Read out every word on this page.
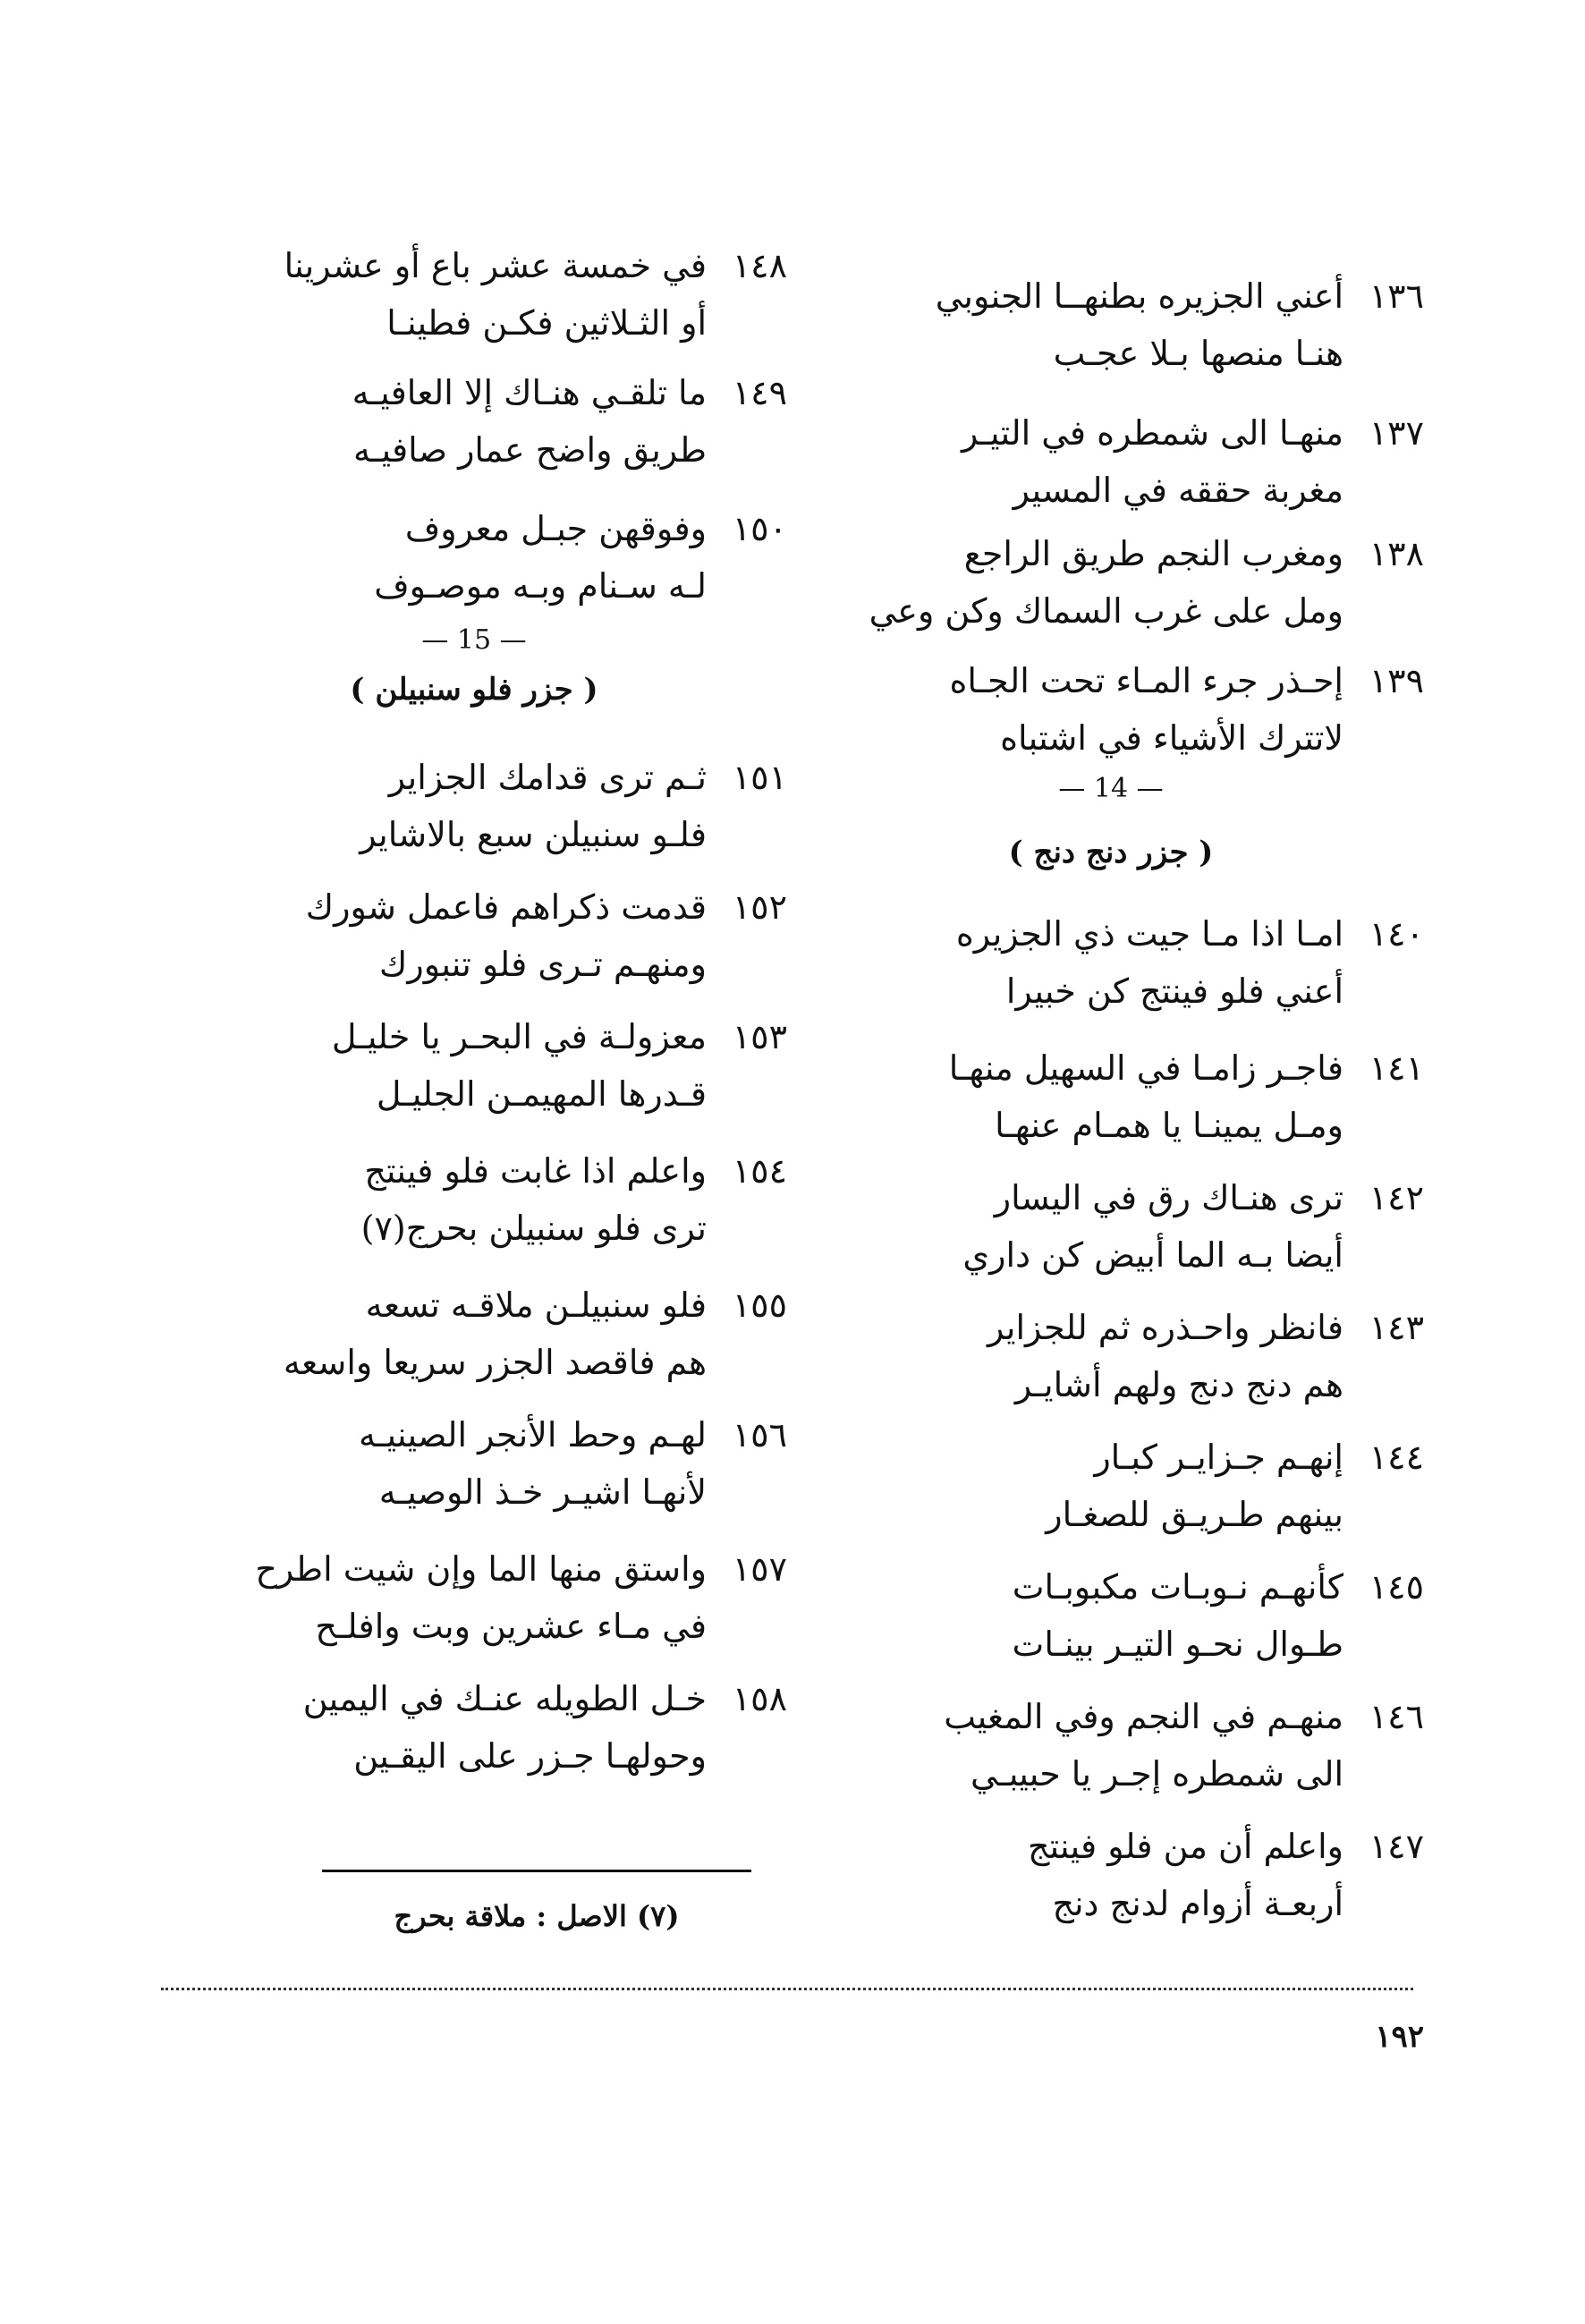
١٣٦
أعني الجزيره بطنهــا الجنوبي
هنـا منصها بـلا عجـب
١٣٧
منهـا الى شمطره في التيـر
مغربة حققه في المسير
١٣٨
ومغرب النجم طريق الراجع
ومل على غرب السماك وكن وعي
١٣٩
إحـذر جرء المـاء تحت الجـاه
لاتترك الأشياء في اشتباه
— 14 —
( جزر دنج دنج )
١٤٠
امـا اذا مـا جيت ذي الجزيره
أعني فلو فينتج كن خبيرا
١٤١
فاجـر زامـا في السهيل منهـا
ومـل يمينـا يا همـام عنهـا
١٤٢
ترى هنـاك رق في اليسار
أيضا بـه الما أبيض كن داري
١٤٣
فانظر واحـذره ثم للجزاير
هم دنج دنج ولهم أشايـر
١٤٤
إنهـم جـزايـر كبـار
بينهم طـريـق للصغـار
١٤٥
كأنهـم نـوبـات مكبوبـات
طـوال نحـو التيـر بينـات
١٤٦
منهـم في النجم وفي المغيب
الى شمطره إجـر يا حبيبـي
١٤٧
واعلم أن من فلو فينتج
أربعـة أزوام لدنج دنج
١٤٨
في خمسة عشر باع أو عشرينا
أو الثـلاثين فكـن فطينـا
١٤٩
ما تلقـي هنـاك إلا العافيـه
طريق واضح عمار صافيـه
١٥٠
وفوقهن جبـل معروف
لـه سـنام وبـه موصـوف
— 15 —
( جزر فلو سنبيلن )
١٥١
ثـم ترى قدامك الجزاير
فلـو سنبيلن سبع بالاشاير
١٥٢
قدمت ذكراهم فاعمل شورك
ومنهـم تـرى فلو تنبورك
١٥٣
معزولـة في البحـر يا خليـل
قـدرها المهيمـن الجليـل
١٥٤
واعلم اذا غابت فلو فينتج
ترى فلو سنبيلن بحرج(٧)
١٥٥
فلو سنبيلـن ملاقـه تسعه
هم فاقصد الجزر سريعا واسعه
١٥٦
لهـم وحط الأنجر الصينيـه
لأنهـا اشيـر خـذ الوصيـه
١٥٧
واستق منها الما وإن شيت اطرح
في مـاء عشرين وبت وافلـح
١٥٨
خـل الطويله عنـك في اليمين
وحولهـا جـزر على اليقـين
(٧) الاصل : ملاقة بحرج
١٩٢
